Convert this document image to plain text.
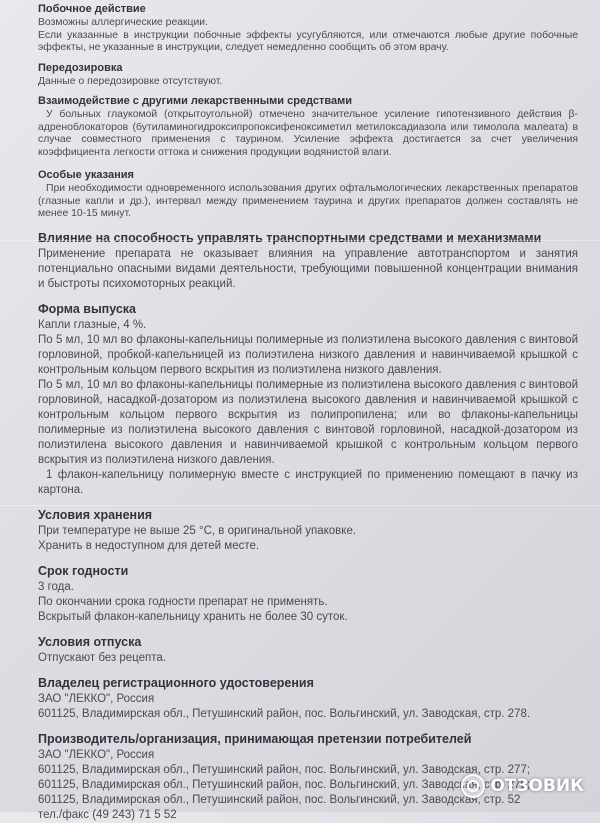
Побочное действие

Возможны аллергические реакции.

Если указанные в инструкции побочные эффекты усугубляются, или отмечаются любые другие побочные эффекты, не указанные в инструкции, следует немедленно сообщить об этом врачу.

Передозировка

Данные о передозировке отсутствуют.

Взаимодействие с другими лекарственными средствами

У больных глаукомой (открытоугольной) отмечено значительное усиление гипотензивного действия β-адреноблокаторов (бутиламиногидроксипропоксифеноксиметил метилоксадиазола или тимолола малеата) в случае совместного применения с таурином. Усиление эффекта достигается за счет увеличения коэффициента легкости оттока и снижения продукции водянистой влаги.

Особые указания

При необходимости одновременного использования других офтальмологических лекарственных препаратов (глазные капли и др.), интервал между применением таурина и других препаратов должен составлять не менее 10-15 минут.

Влияние на способность управлять транспортными средствами и механизмами

Применение препарата не оказывает влияния на управление автотранспортом и занятия потенциально опасными видами деятельности, требующими повышенной концентрации внимания и быстроты психомоторных реакций.

Форма выпуска

Капли глазные, 4 %.

По 5 мл, 10 мл во флаконы-капельницы полимерные из полиэтилена высокого давления с винтовой горловиной, пробкой-капельницей из полиэтилена низкого давления и навинчиваемой крышкой с контрольным кольцом первого вскрытия из полиэтилена низкого давления.

По 5 мл, 10 мл во флаконы-капельницы полимерные из полиэтилена высокого давления с винтовой горловиной, насадкой-дозатором из полиэтилена высокого давления и навинчиваемой крышкой с контрольным кольцом первого вскрытия из полипропилена; или во флаконы-капельницы полимерные из полиэтилена высокого давления с винтовой горловиной, насадкой-дозатором из полиэтилена высокого давления и навинчиваемой крышкой с контрольным кольцом первого вскрытия из полиэтилена низкого давления.

1 флакон-капельницу полимерную вместе с инструкцией по применению помещают в пачку из картона.

Условия хранения

При температуре не выше 25 °С, в оригинальной упаковке.

Хранить в недоступном для детей месте.

Срок годности

3 года.

По окончании срока годности препарат не применять.

Вскрытый флакон-капельницу хранить не более 30 суток.

Условия отпуска

Отпускают без рецепта.

Владелец регистрационного удостоверения

ЗАО "ЛЕККО", Россия

601125, Владимирская обл., Петушинский район, пос. Вольгинский, ул. Заводская, стр. 278.

Производитель/организация, принимающая претензии потребителей

ЗАО "ЛЕККО", Россия

601125, Владимирская обл., Петушинский район, пос. Вольгинский, ул. Заводская, стр. 277;

601125, Владимирская обл., Петушинский район, пос. Вольгинский, ул. Заводская, стр. 279;

601125, Владимирская обл., Петушинский район, пос. Вольгинский, ул. Заводская, стр. 52

тел./факс (49 243) 71 5 52

ОТЗОВИК
